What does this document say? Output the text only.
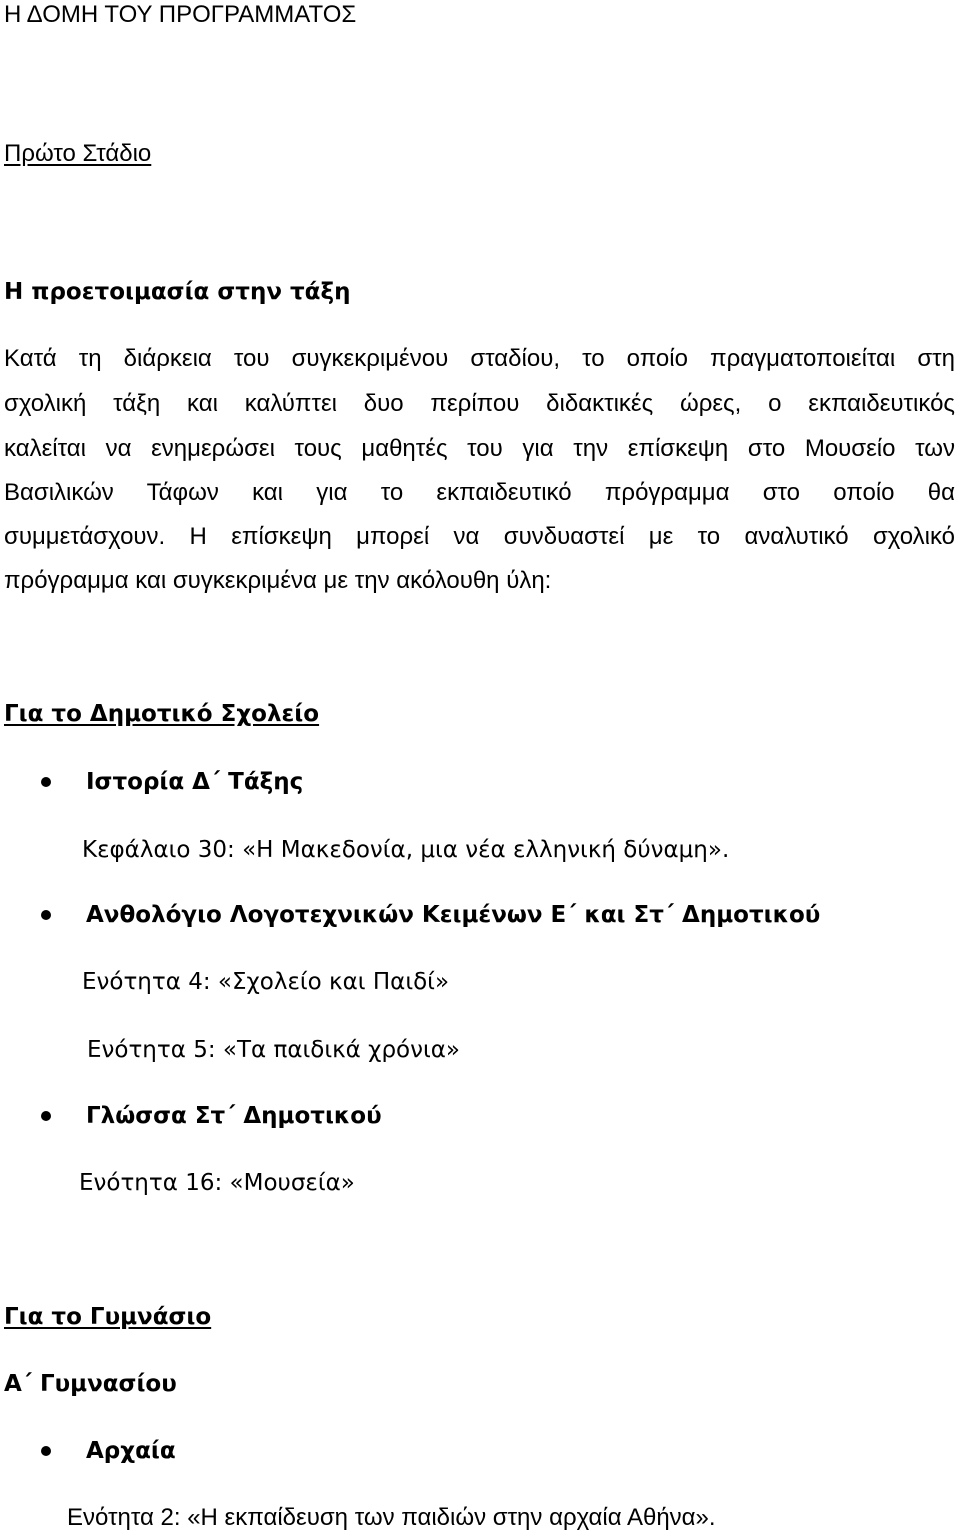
Η ΔΟΜΗ ΤΟΥ ΠΡΟΓΡΑΜΜΑΤΟΣ
Πρώτο Στάδιο
Η προετοιμασία στην τάξη
Κατά τη διάρκεια του συγκεκριμένου σταδίου, το οποίο πραγματοποιείται στη
σχολική τάξη και καλύπτει δυο περίπου διδακτικές ώρες, ο εκπαιδευτικός
καλείται να ενημερώσει τους μαθητές του για την επίσκεψη στο Μουσείο των
Βασιλικών Τάφων και για το εκπαιδευτικό πρόγραμμα στο οποίο θα
συμμετάσχουν. Η επίσκεψη μπορεί να συνδυαστεί με το αναλυτικό σχολικό
πρόγραμμα και συγκεκριμένα με την ακόλουθη ύλη:
Για το Δημοτικό Σχολείο
Ιστορία Δ΄ Τάξης
Κεφάλαιο 30: «Η Μακεδονία, μια νέα ελληνική δύναμη».
Ανθολόγιο Λογοτεχνικών Κειμένων Ε΄ και Στ΄ Δημοτικού
Ενότητα 4: «Σχολείο και Παιδί»
Ενότητα 5: «Τα παιδικά χρόνια»
Γλώσσα Στ΄ Δημοτικού
Ενότητα 16: «Μουσεία»
Για το Γυμνάσιο
Α΄ Γυμνασίου
Αρχαία
Ενότητα 2: «Η εκπαίδευση των παιδιών στην αρχαία Αθήνα».
